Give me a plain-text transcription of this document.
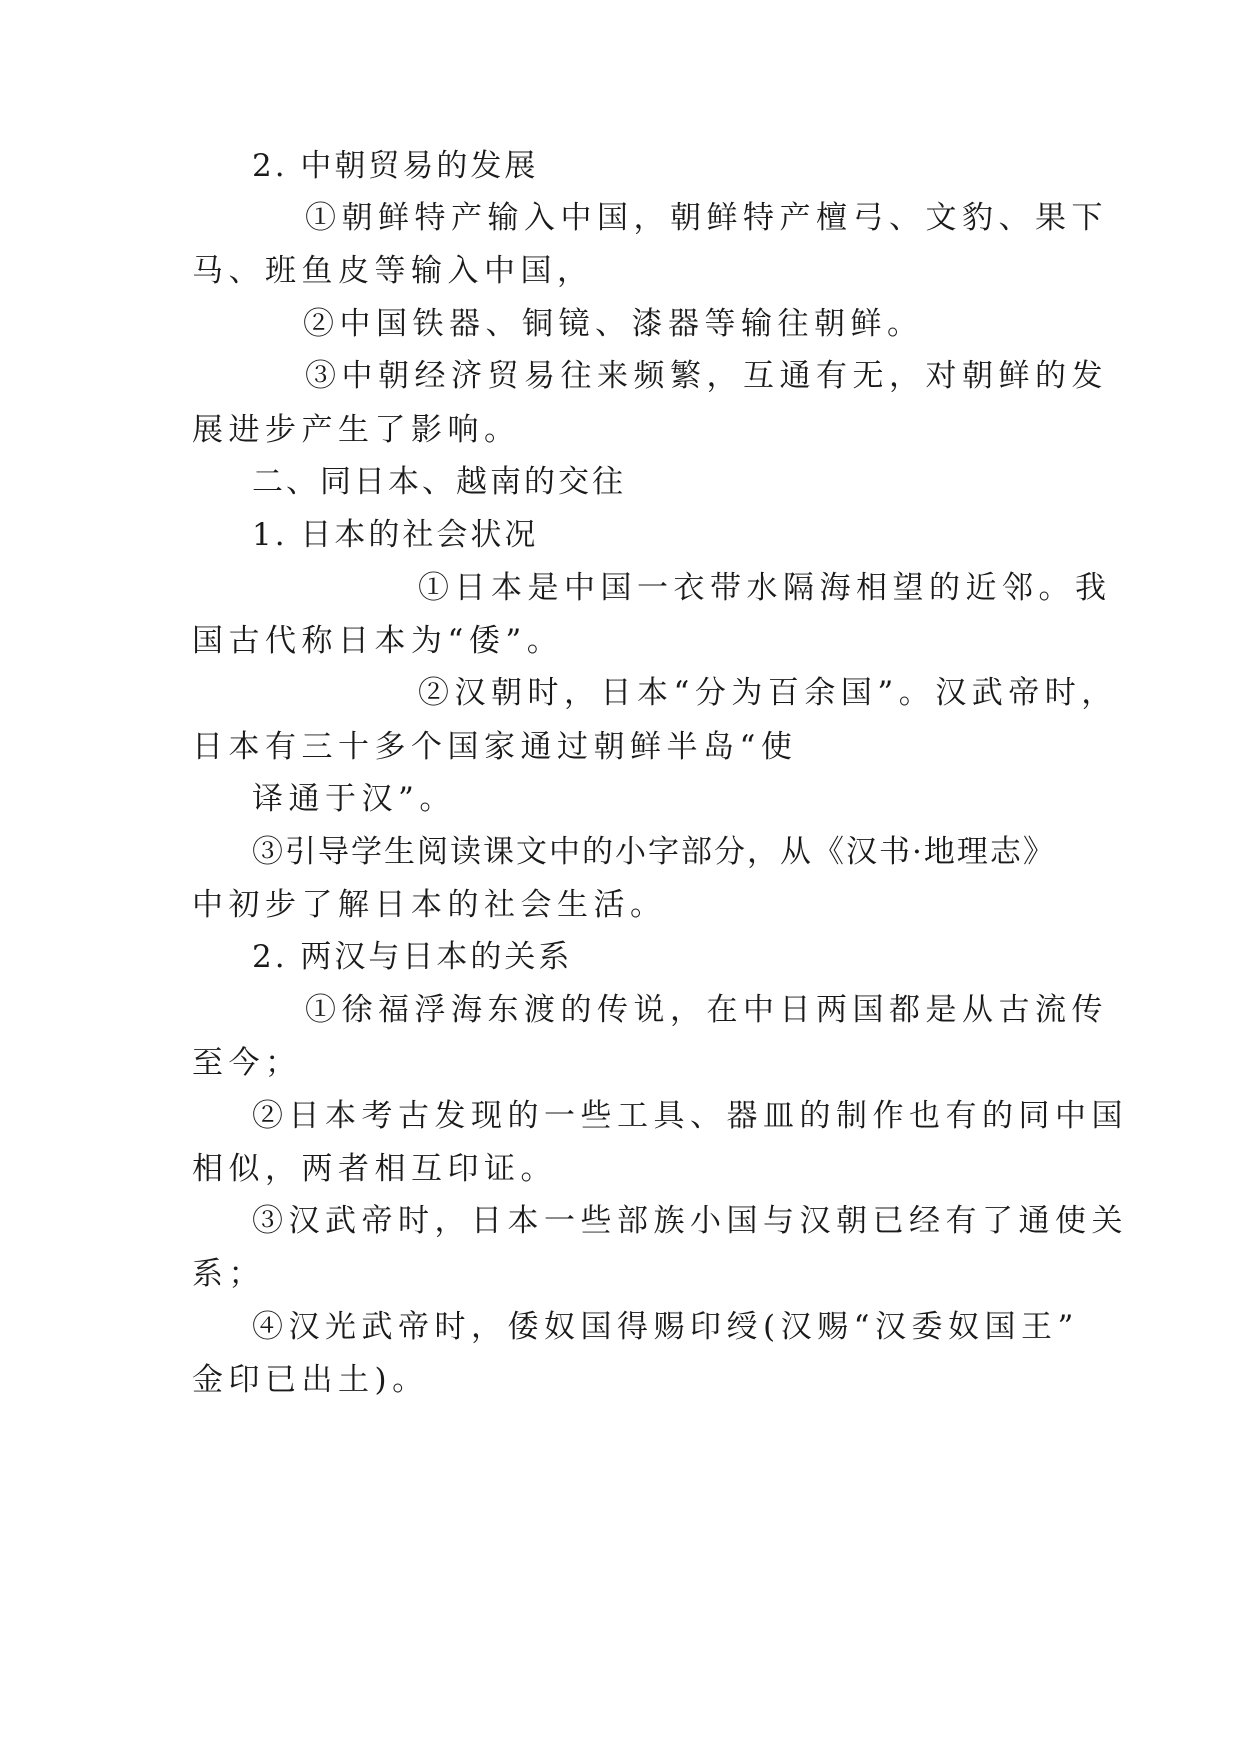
2. 中朝贸易的发展
①朝鲜特产输入中国，朝鲜特产檀弓、文豹、果下
马、班鱼皮等输入中国，
②中国铁器、铜镜、漆器等输往朝鲜。
③中朝经济贸易往来频繁，互通有无，对朝鲜的发
展进步产生了影响。
二、同日本、越南的交往
1. 日本的社会状况
①日本是中国一衣带水隔海相望的近邻。我
国古代称日本为“倭”。
②汉朝时，日本“分为百余国”。汉武帝时，
日本有三十多个国家通过朝鲜半岛“使
译通于汉”。
③引导学生阅读课文中的小字部分，从《汉书·地理志》
中初步了解日本的社会生活。
2. 两汉与日本的关系
①徐福浮海东渡的传说，在中日两国都是从古流传
至今；
②日本考古发现的一些工具、器皿的制作也有的同中国
相似，两者相互印证。
③汉武帝时，日本一些部族小国与汉朝已经有了通使关
系；
④汉光武帝时，倭奴国得赐印绶(汉赐“汉委奴国王”
金印已出土)。
